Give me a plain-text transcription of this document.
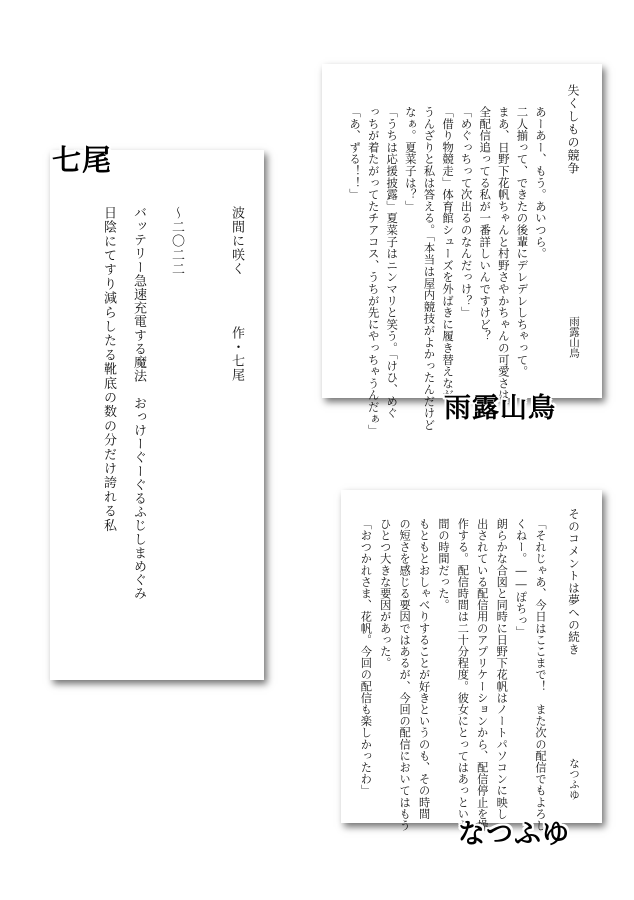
失くしもの競争
雨露山鳥
あーあー、もう。あいつら。
二人揃って、できたの後輩にデレデレしちゃって。
まあ、日野下花帆ちゃんと村野さやかちゃんの可愛さは、
全配信追ってる私が一番詳しいんですけど？
「めぐっちって次出るのなんだっけ？」
「借り物競走」体育館シューズを外ばきに履き替えながら、
うんざりと私は答える。「本当は屋内競技がよかったんだけど
なぁ。夏菜子は？」
「うちは応援披露」夏菜子はニンマリと笑う。「けひ、めぐ
っちが着たがってたチアコス、うちが先にやっちゃうんだぁ」
「あ、ずる！！」
雨露山鳥
波間に咲く
作・七尾
〜二〇二二
バッテリー急速充電する魔法　おっけーぐーぐるふじしまめぐみ
日陰にてすり減らしたる靴底の数の分だけ誇れる私
七尾
そのコメントは夢への続き
なつふゆ
「それじゃあ、今日はここまで！　また次の配信でもよろし
くねー。――ぽちっ」
朗らかな合図と同時に日野下花帆はノートパソコンに映し
出されている配信用のアプリケーションから、配信停止を操
作する。配信時間は二十分程度。彼女にとってはあっという
間の時間だった。
もともとおしゃべりすることが好きというのも、その時間
の短さを感じる要因ではあるが、今回の配信においてはもう
ひとつ大きな要因があった。
「おつかれさま、花帆。今回の配信も楽しかったわ」
なつふゆ
